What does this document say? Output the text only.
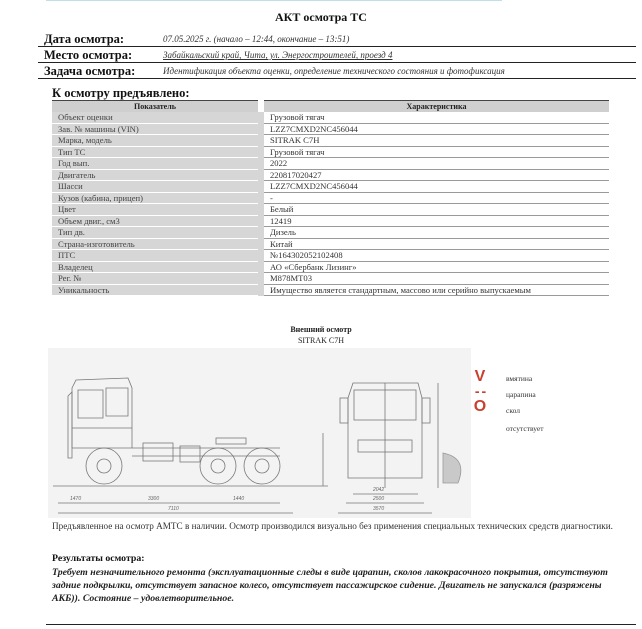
АКТ осмотра ТС
Дата осмотра:	07.05.2025 г. (начало – 12:44, окончание – 13:51)
Место осмотра:	Забайкальский край, Чита, ул. Энергостроителей, проезд 4
Задача осмотра:	Идентификация объекта оценки, определение технического состояния и фотофиксация
К осмотру предъявлено:
Показатель	Характеристика
Объект оценки	Грузовой тягач
Зав. № машины (VIN)	LZZ7CMXD2NC456044
Марка, модель	SITRAK C7H
Тип ТС	Грузовой тягач
Год вып.	2022
Двигатель	220817020427
Шасси	LZZ7CMXD2NC456044
Кузов (кабина, прицеп)	-
Цвет	Белый
Объем двиг., см3	12419
Тип дв.	Дизель
Страна-изготовитель	Китай
ПТС	№164302052102408
Владелец	АО «Сбербанк Лизинг»
Рег. №	М878МТ03
Уникальность	Имущество является стандартным, массово или серийно выпускаемым
Внешний осмотр
SITRAK C7H
1470	3300	1440
7110
2042
2500
3570
V	вмятина
- -	царапина
O	скол
отсутствует
Предъявленное на осмотр АМТС в наличии. Осмотр производился визуально без применения специальных технических средств диагностики.
Результаты осмотра:
Требует незначительного ремонта (эксплуатационные следы в виде царапин, сколов лакокрасочного покрытия, отсутствуют задние подкрылки, отсутствует запасное колесо, отсутствует пассажирское сидение. Двигатель не запускался (разряжены АКБ)). Состояние – удовлетворительное.
